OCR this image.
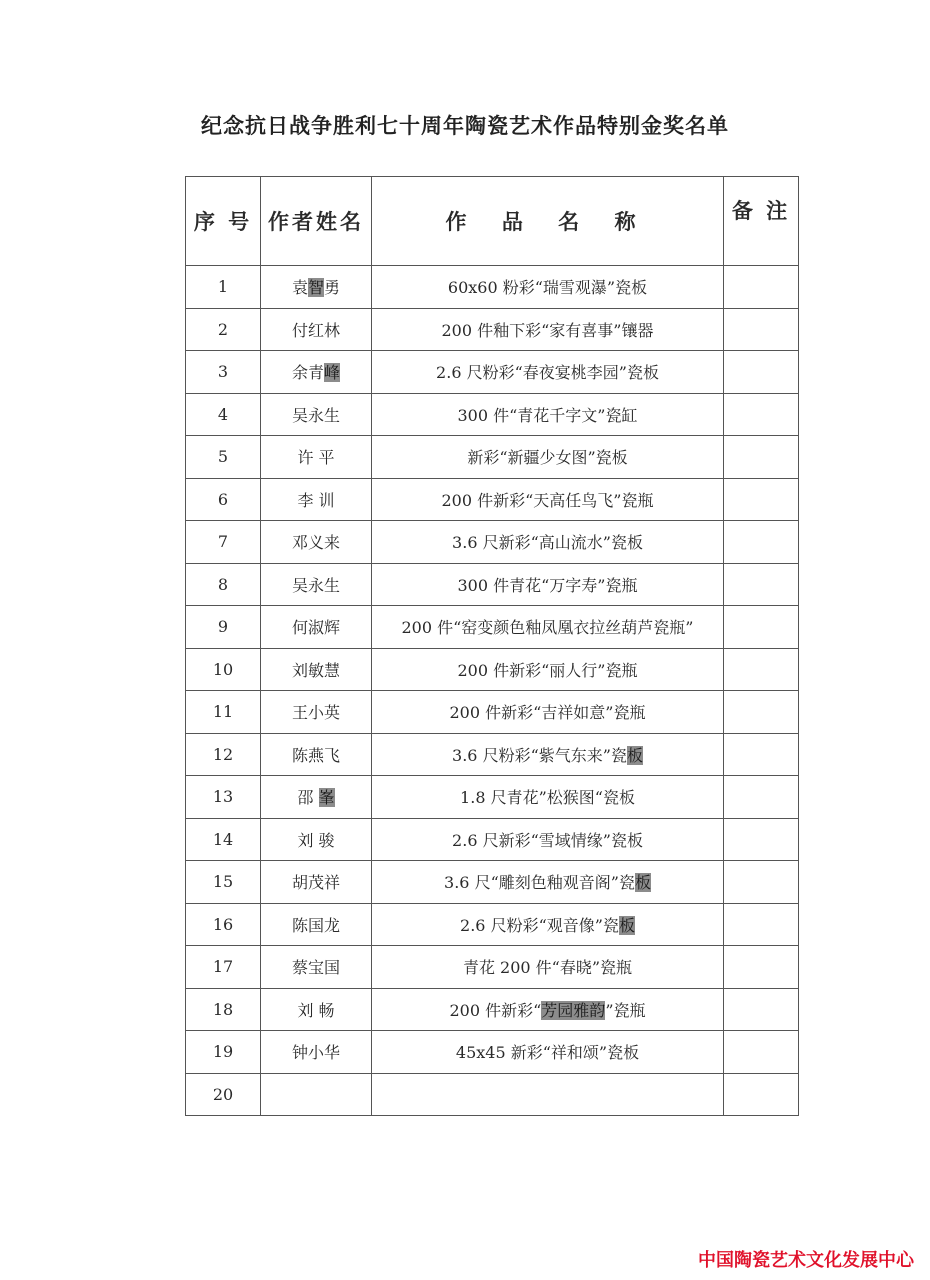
纪念抗日战争胜利七十周年陶瓷艺术作品特别金奖名单
序 号	作者姓名	作 品 名 称	备 注
1	袁智勇	60x60 粉彩“瑞雪观瀑”瓷板	
2	付红林	200 件釉下彩“家有喜事”镶器	
3	余青峰	2.6 尺粉彩“春夜宴桃李园”瓷板	
4	吴永生	300 件“青花千字文”瓷缸	
5	许 平	新彩“新疆少女图”瓷板	
6	李 训	200 件新彩“天高任鸟飞”瓷瓶	
7	邓义来	3.6 尺新彩“高山流水”瓷板	
8	吴永生	300 件青花“万字寿”瓷瓶	
9	何淑辉	200 件“窑变颜色釉凤凰衣拉丝葫芦瓷瓶”	
10	刘敏慧	200 件新彩“丽人行”瓷瓶	
11	王小英	200 件新彩“吉祥如意”瓷瓶	
12	陈燕飞	3.6 尺粉彩“紫气东来”瓷板	
13	邵 峯	1.8 尺青花”松猴图“瓷板	
14	刘 骏	2.6 尺新彩“雪域情缘”瓷板	
15	胡茂祥	3.6 尺“雕刻色釉观音阁”瓷板	
16	陈国龙	2.6 尺粉彩“观音像”瓷板	
17	蔡宝国	青花 200 件“春晓”瓷瓶	
18	刘 畅	200 件新彩“芳园雅韵”瓷瓶	
19	钟小华	45x45 新彩“祥和颂”瓷板	
20			
中国陶瓷艺术文化发展中心
